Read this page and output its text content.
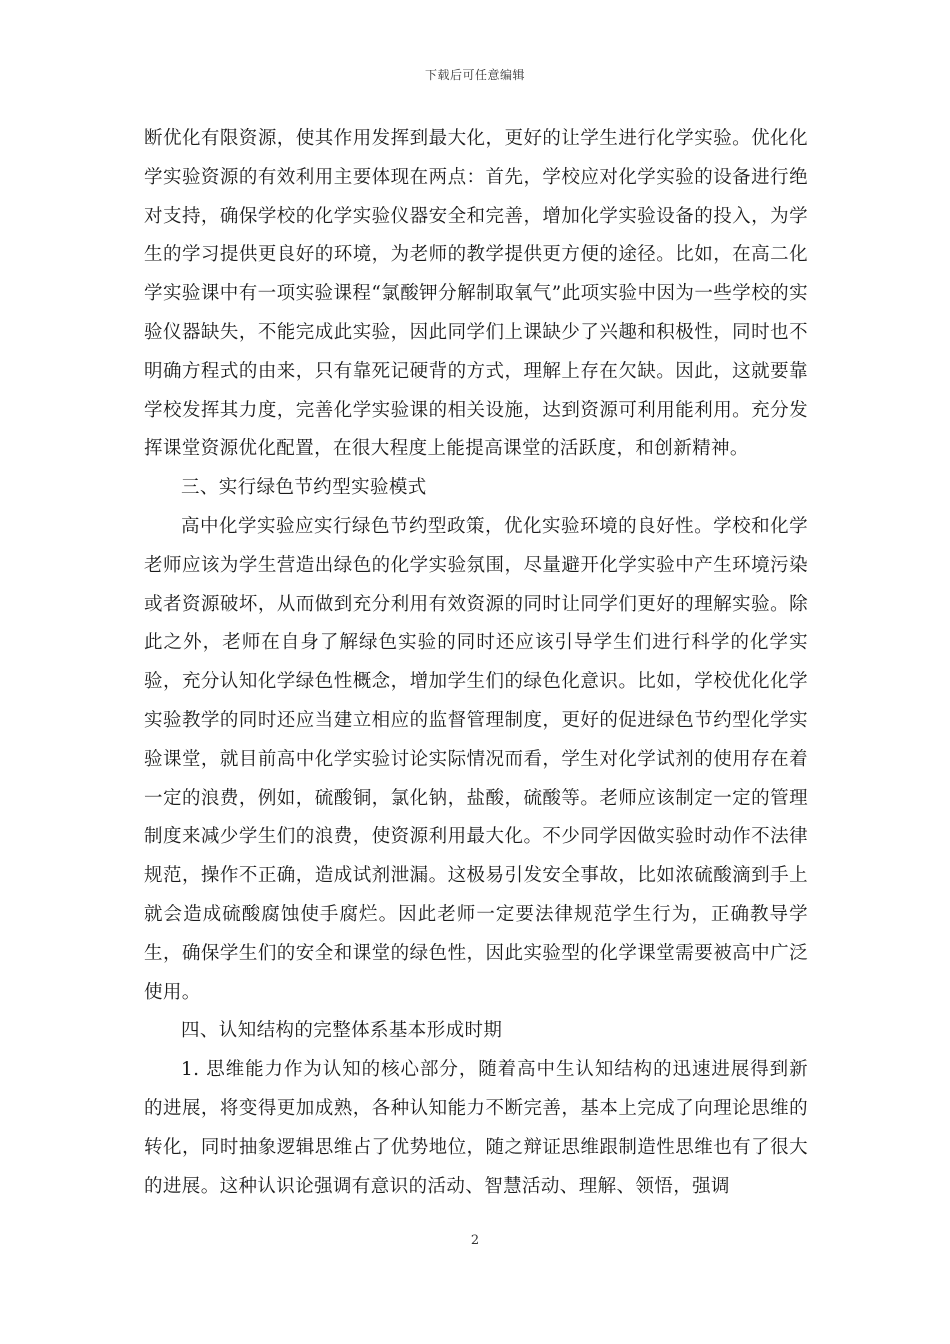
下载后可任意编辑

断优化有限资源，使其作用发挥到最大化，更好的让学生进行化学实验。优化化学实验资源的有效利用主要体现在两点：首先，学校应对化学实验的设备进行绝对支持，确保学校的化学实验仪器安全和完善，增加化学实验设备的投入，为学生的学习提供更良好的环境，为老师的教学提供更方便的途径。比如，在高二化学实验课中有一项实验课程“氯酸钾分解制取氧气”此项实验中因为一些学校的实验仪器缺失，不能完成此实验，因此同学们上课缺少了兴趣和积极性，同时也不明确方程式的由来，只有靠死记硬背的方式，理解上存在欠缺。因此，这就要靠学校发挥其力度，完善化学实验课的相关设施，达到资源可利用能利用。充分发挥课堂资源优化配置，在很大程度上能提高课堂的活跃度，和创新精神。

三、实行绿色节约型实验模式

高中化学实验应实行绿色节约型政策，优化实验环境的良好性。学校和化学老师应该为学生营造出绿色的化学实验氛围，尽量避开化学实验中产生环境污染或者资源破坏，从而做到充分利用有效资源的同时让同学们更好的理解实验。除此之外，老师在自身了解绿色实验的同时还应该引导学生们进行科学的化学实验，充分认知化学绿色性概念，增加学生们的绿色化意识。比如，学校优化化学实验教学的同时还应当建立相应的监督管理制度，更好的促进绿色节约型化学实验课堂，就目前高中化学实验讨论实际情况而看，学生对化学试剂的使用存在着一定的浪费，例如，硫酸铜，氯化钠，盐酸，硫酸等。老师应该制定一定的管理制度来减少学生们的浪费，使资源利用最大化。不少同学因做实验时动作不法律规范，操作不正确，造成试剂泄漏。这极易引发安全事故，比如浓硫酸滴到手上就会造成硫酸腐蚀使手腐烂。因此老师一定要法律规范学生行为，正确教导学生，确保学生们的安全和课堂的绿色性，因此实验型的化学课堂需要被高中广泛使用。

四、认知结构的完整体系基本形成时期

1. 思维能力作为认知的核心部分，随着高中生认知结构的迅速进展得到新的进展，将变得更加成熟，各种认知能力不断完善，基本上完成了向理论思维的转化，同时抽象逻辑思维占了优势地位，随之辩证思维跟制造性思维也有了很大的进展。这种认识论强调有意识的活动、智慧活动、理解、领悟，强调

2
